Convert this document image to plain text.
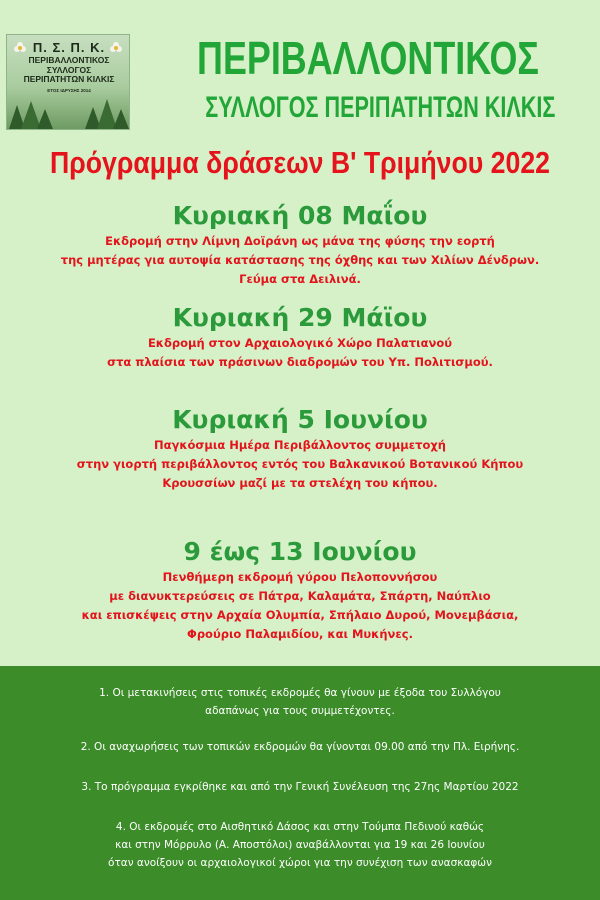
Π. Σ. Π. Κ.
ΠΕΡΙΒΑΛΛΟΝΤΙΚΟΣ
ΣΥΛΛΟΓΟΣ
ΠΕΡΙΠΑΤΗΤΩΝ ΚΙΛΚΙΣ
ΕΤΟΣ ΙΔΡΥΣΗΣ 2014
ΠΕΡΙΒΑΛΛΟΝΤΙΚΟΣ
ΣΥΛΛΟΓΟΣ ΠΕΡΙΠΑΤΗΤΩΝ ΚΙΛΚΙΣ
Πρόγραμμα δράσεων Β' Τριμήνου 2022
Κυριακή 08 Μαΐου
Εκδρομή στην Λίμνη Δοϊράνη ως μάνα της φύσης την εορτή
της μητέρας για αυτοψία κατάστασης της όχθης και των Χιλίων Δένδρων.
Γεύμα στα Δειλινά.
Κυριακή 29 Μάϊου
Εκδρομή στον Αρχαιολογικό Χώρο Παλατιανού
στα πλαίσια των πράσινων διαδρομών του Υπ. Πολιτισμού.
Κυριακή 5 Ιουνίου
Παγκόσμια Ημέρα Περιβάλλοντος συμμετοχή
στην γιορτή περιβάλλοντος εντός του Βαλκανικού Βοτανικού Κήπου
Κρουσσίων μαζί με τα στελέχη του κήπου.
9 έως 13 Ιουνίου
Πενθήμερη εκδρομή γύρου Πελοποννήσου
με διανυκτερεύσεις σε Πάτρα, Καλαμάτα, Σπάρτη, Ναύπλιο
και επισκέψεις στην Αρχαία Ολυμπία, Σπήλαιο Δυρού, Μονεμβάσια,
Φρούριο Παλαμιδίου, και Μυκήνες.
1. Οι μετακινήσεις στις τοπικές εκδρομές θα γίνουν με έξοδα του Συλλόγου
αδαπάνως για τους συμμετέχοντες.
2. Οι αναχωρήσεις των τοπικών εκδρομών θα γίνονται 09.00 από την Πλ. Ειρήνης.
3. Το πρόγραμμα εγκρίθηκε και από την Γενική Συνέλευση της 27ης Μαρτίου 2022
4. Οι εκδρομές στο Αισθητικό Δάσος και στην Τούμπα Πεδινού καθώς
και στην Μόρρυλο (Α. Αποστόλοι) αναβάλλονται για 19 και 26 Ιουνίου
όταν ανοίξουν οι αρχαιολογικοί χώροι για την συνέχιση των ανασκαφών
